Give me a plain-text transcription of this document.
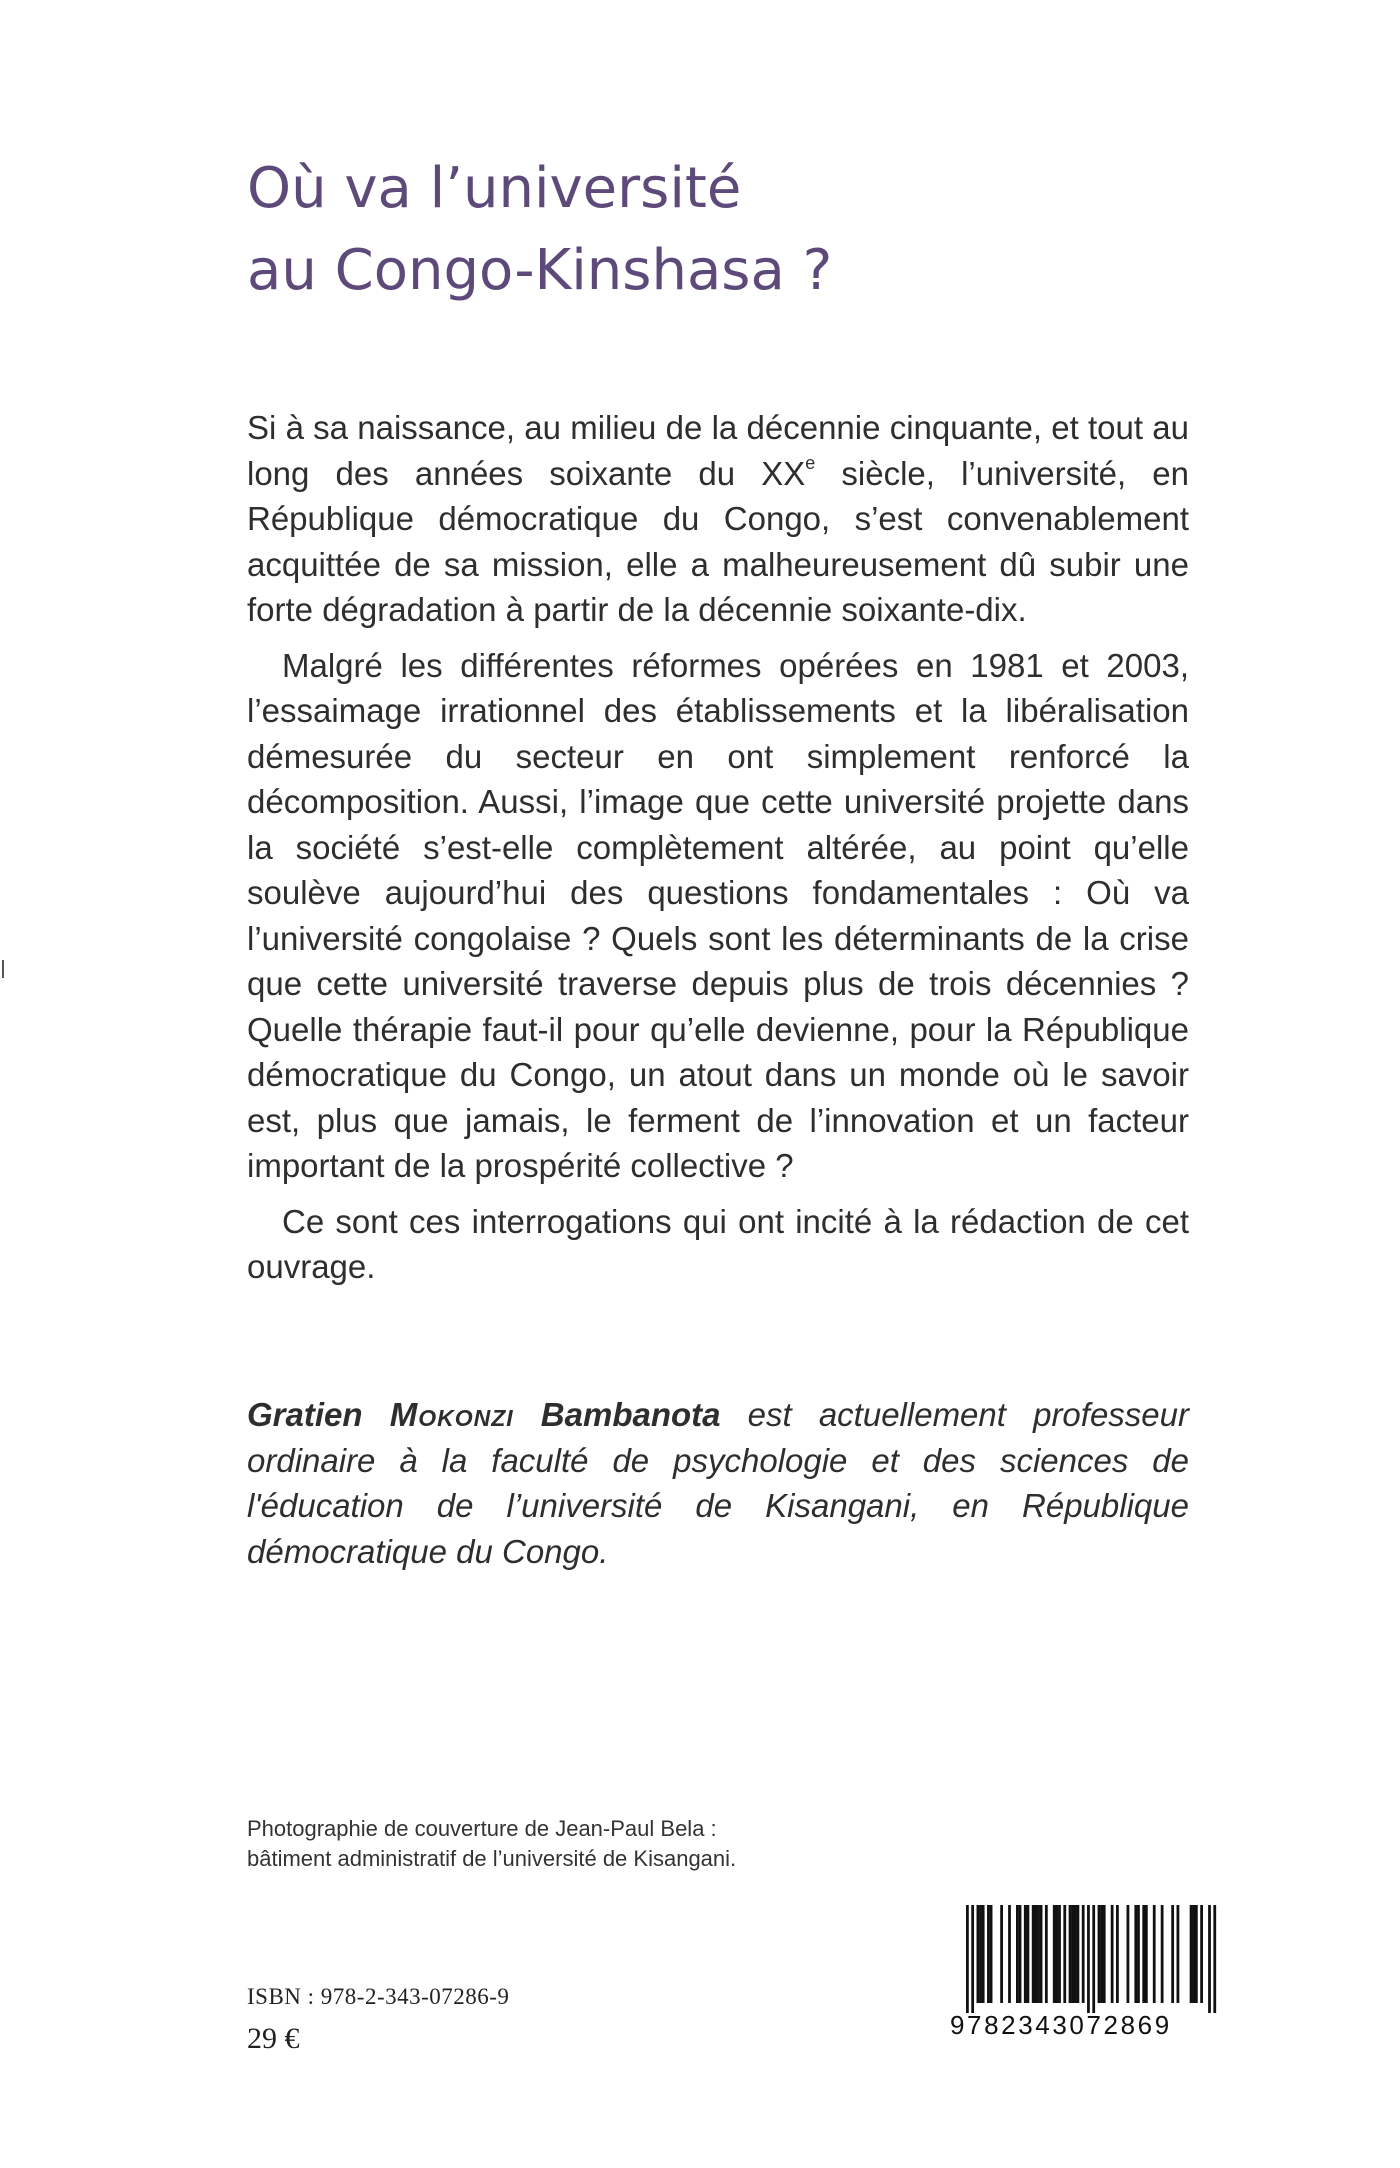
Où va l’université
au Congo-Kinshasa ?

Si à sa naissance, au milieu de la décennie cinquante, et tout au long des années soixante du XXe siècle, l’université, en République démocratique du Congo, s’est convenablement acquittée de sa mission, elle a malheureusement dû subir une forte dégradation à partir de la décennie soixante-dix.

Malgré les différentes réformes opérées en 1981 et 2003, l’essaimage irrationnel des établissements et la libéralisation démesurée du secteur en ont simplement renforcé la décomposition. Aussi, l’image que cette université projette dans la société s’est-elle complètement altérée, au point qu’elle soulève aujourd’hui des questions fondamentales : Où va l’université congolaise ? Quels sont les déterminants de la crise que cette université traverse depuis plus de trois décennies ? Quelle thérapie faut-il pour qu’elle devienne, pour la République démocratique du Congo, un atout dans un monde où le savoir est, plus que jamais, le ferment de l’innovation et un facteur important de la prospérité collective ?

Ce sont ces interrogations qui ont incité à la rédaction de cet ouvrage.

Gratien Mokonzi Bambanota est actuellement professeur ordinaire à la faculté de psychologie et des sciences de l'éducation de l’université de Kisangani, en République démocratique du Congo.

Photographie de couverture de Jean-Paul Bela :
bâtiment administratif de l’université de Kisangani.

ISBN : 978-2-343-07286-9
29 €	9782343072869
